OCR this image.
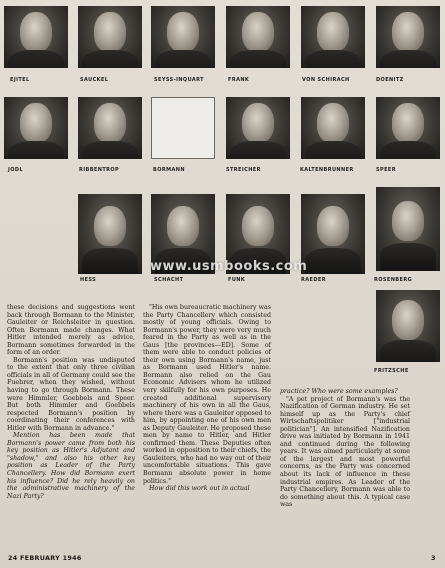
EJITEL	SAUCKEL	SEYSS-INQUART	FRANK	VON SCHIRACH	DOENITZ
JODL	RIBBENTROP	BORMANN	STREICHER	KALTENBRUNNER	SPEER
HESS	SCHACHT	FUNK	RAEDER	ROSENBERG
FRITZSCHE
www.usmbooks.com

these decisions and suggestions went back through Bormann to the Minister, Gauleiter or Reichsleiter in question. Often Bormann made changes. What Hitler intended merely as advice, Bormann sometimes forwarded in the form of an order.

Bormann's position was undisputed to the extent that only three civilian officials in all of Germany could see the Fuehrer, when they wished, without having to go through Bormann. These were Himmler, Goebbels and Speer. But both Himmler and Goebbels respected Bormann's position by coordinating their conferences with Hitler with Bormann in advance."

Mention has been made that Bormann's power came from both his key position as Hitler's Adjutant and "shadow," and also his other key position as Leader of the Party Chancellery. How did Bormann exert his influence? Did he rely heavily on the administrative machinery of the Nazi Party?

"His own bureaucratic machinery was the Party Chancellery which consisted mostly of young officials. Owing to Bormann's power, they were very much feared in the Party as well as in the Gaus [the provinces—ED]. Some of them were able to conduct policies of their own using Bormann's name, just as Bormann used Hitler's name. Bormann also relied on the Gau Economic Advisers whom he utilized very skilfully for his own purposes. He created additional supervisory machinery of his own in all the Gaus, where there was a Gauleiter opposed to him, by appointing one of his own men as Deputy Gauleiter. He proposed these men by name to Hitler, and Hitler confirmed them. These Deputies often worked in opposition to their chiefs, the Gauleiters, who had no way out of their uncomfortable situations. This gave Bormann absolute power in home politics."

How did this work out in actual

practice? Who were some examples?

"A pet project of Bormann's was the Nazification of German industry. He set himself up as the Party's chief Wirtschaftspolitiker ["industrial politician"]. An intensified Nazification drive was initiated by Bormann in 1941 and continued during the following years. It was aimed particularly at some of the largest and most powerful concerns, as the Party was concerned about its lack of influence in these industrial empires. As Leader of the Party Chancellery, Bormann was able to do something about this. A typical case was

24 FEBRUARY 1946	3
